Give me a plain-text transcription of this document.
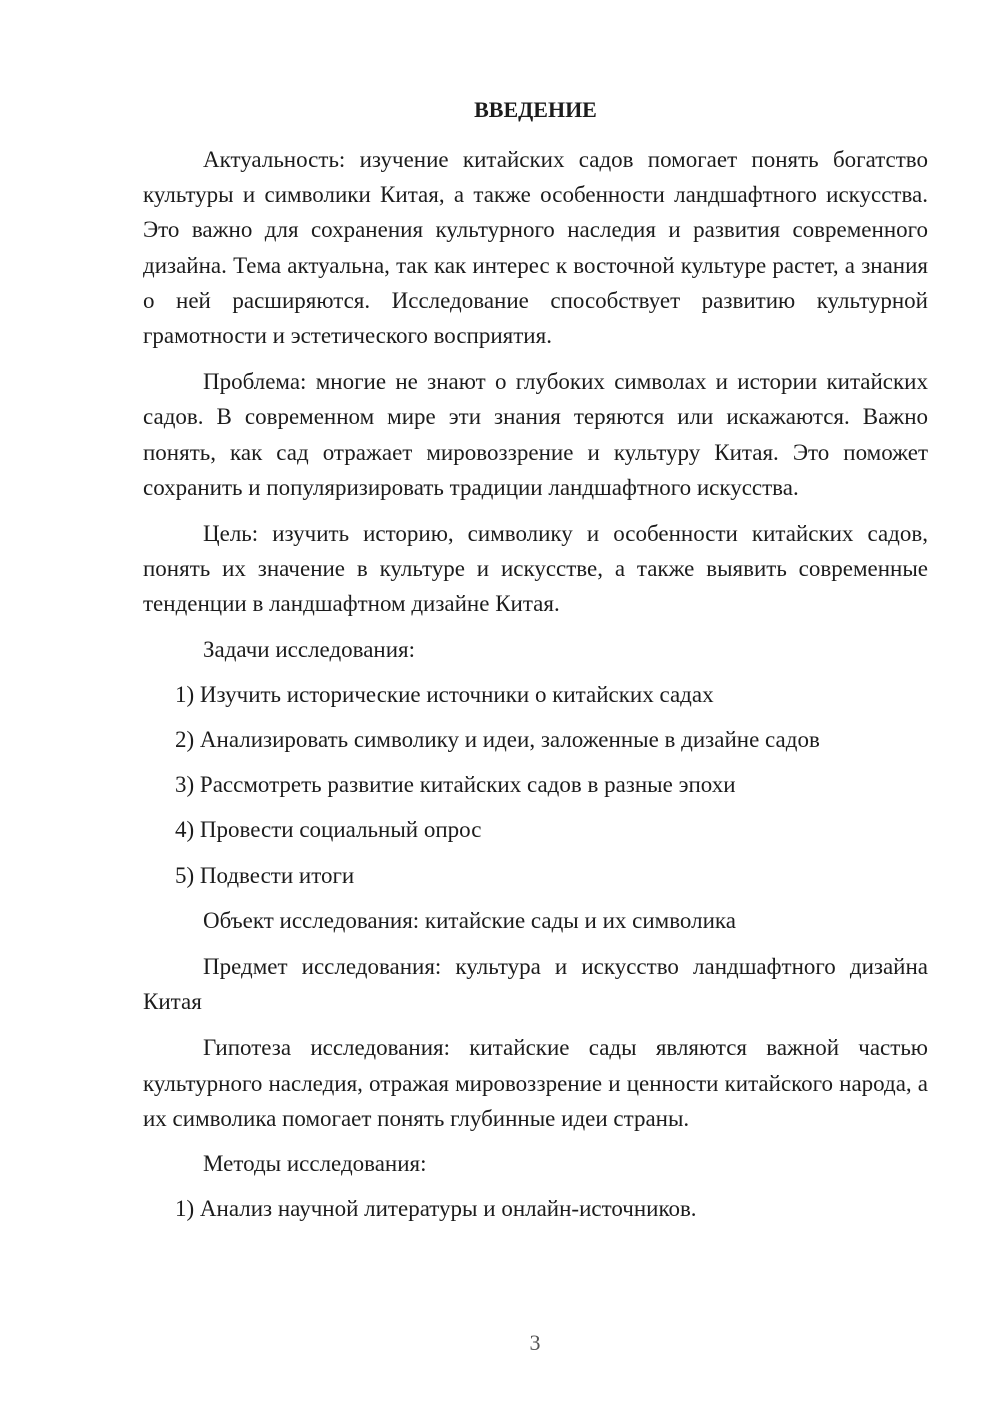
ВВЕДЕНИЕ

Актуальность: изучение китайских садов помогает понять богатство культуры и символики Китая, а также особенности ландшафтного искусства. Это важно для сохранения культурного наследия и развития современного дизайна. Тема актуальна, так как интерес к восточной культуре растет, а знания о ней расширяются. Исследование способствует развитию культурной грамотности и эстетического восприятия.

Проблема: многие не знают о глубоких символах и истории китайских садов. В современном мире эти знания теряются или искажаются. Важно понять, как сад отражает мировоззрение и культуру Китая. Это поможет сохранить и популяризировать традиции ландшафтного искусства.

Цель: изучить историю, символику и особенности китайских садов, понять их значение в культуре и искусстве, а также выявить современные тенденции в ландшафтном дизайне Китая.

Задачи исследования:

1) Изучить исторические источники о китайских садах

2) Анализировать символику и идеи, заложенные в дизайне садов

3) Рассмотреть развитие китайских садов в разные эпохи

4) Провести социальный опрос

5) Подвести итоги

Объект исследования: китайские сады и их символика

Предмет исследования: культура и искусство ландшафтного дизайна Китая

Гипотеза исследования: китайские сады являются важной частью культурного наследия, отражая мировоззрение и ценности китайского народа, а их символика помогает понять глубинные идеи страны.

Методы исследования:

1) Анализ научной литературы и онлайн-источников.

3
